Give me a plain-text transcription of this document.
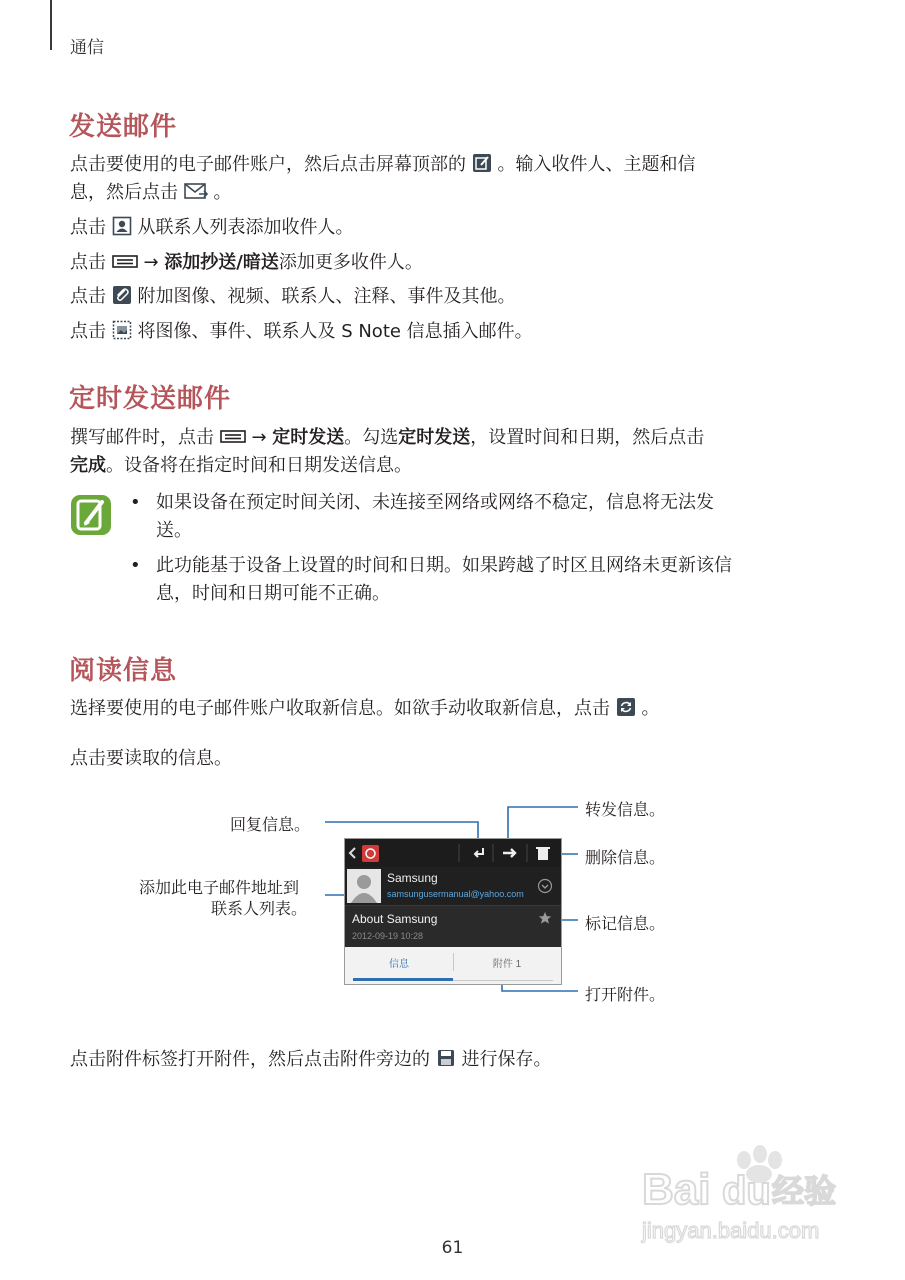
通信
发送邮件
点击要使用的电子邮件账户，然后点击屏幕顶部的 。输入收件人、主题和信
息，然后点击 。
点击 从联系人列表添加收件人。
点击 → 添加抄送/暗送添加更多收件人。
点击 附加图像、视频、联系人、注释、事件及其他。
点击 将图像、事件、联系人及 S Note 信息插入邮件。
定时发送邮件
撰写邮件时，点击 → 定时发送。勾选定时发送，设置时间和日期，然后点击
完成。设备将在指定时间和日期发送信息。
• 如果设备在预定时间关闭、未连接至网络或网络不稳定，信息将无法发
送。
• 此功能基于设备上设置的时间和日期。如果跨越了时区且网络未更新该信
息，时间和日期可能不正确。
阅读信息
选择要使用的电子邮件账户收取新信息。如欲手动收取新信息，点击 。
点击要读取的信息。
回复信息。
转发信息。
添加此电子邮件地址到
联系人列表。
删除信息。
标记信息。
打开附件。
Samsung
samsungusermanual@yahoo.com
About Samsung
2012-09-19 10:28
信息	附件 1
点击附件标签打开附件，然后点击附件旁边的 进行保存。
Bai du 经验
jingyan.baidu.com
61
